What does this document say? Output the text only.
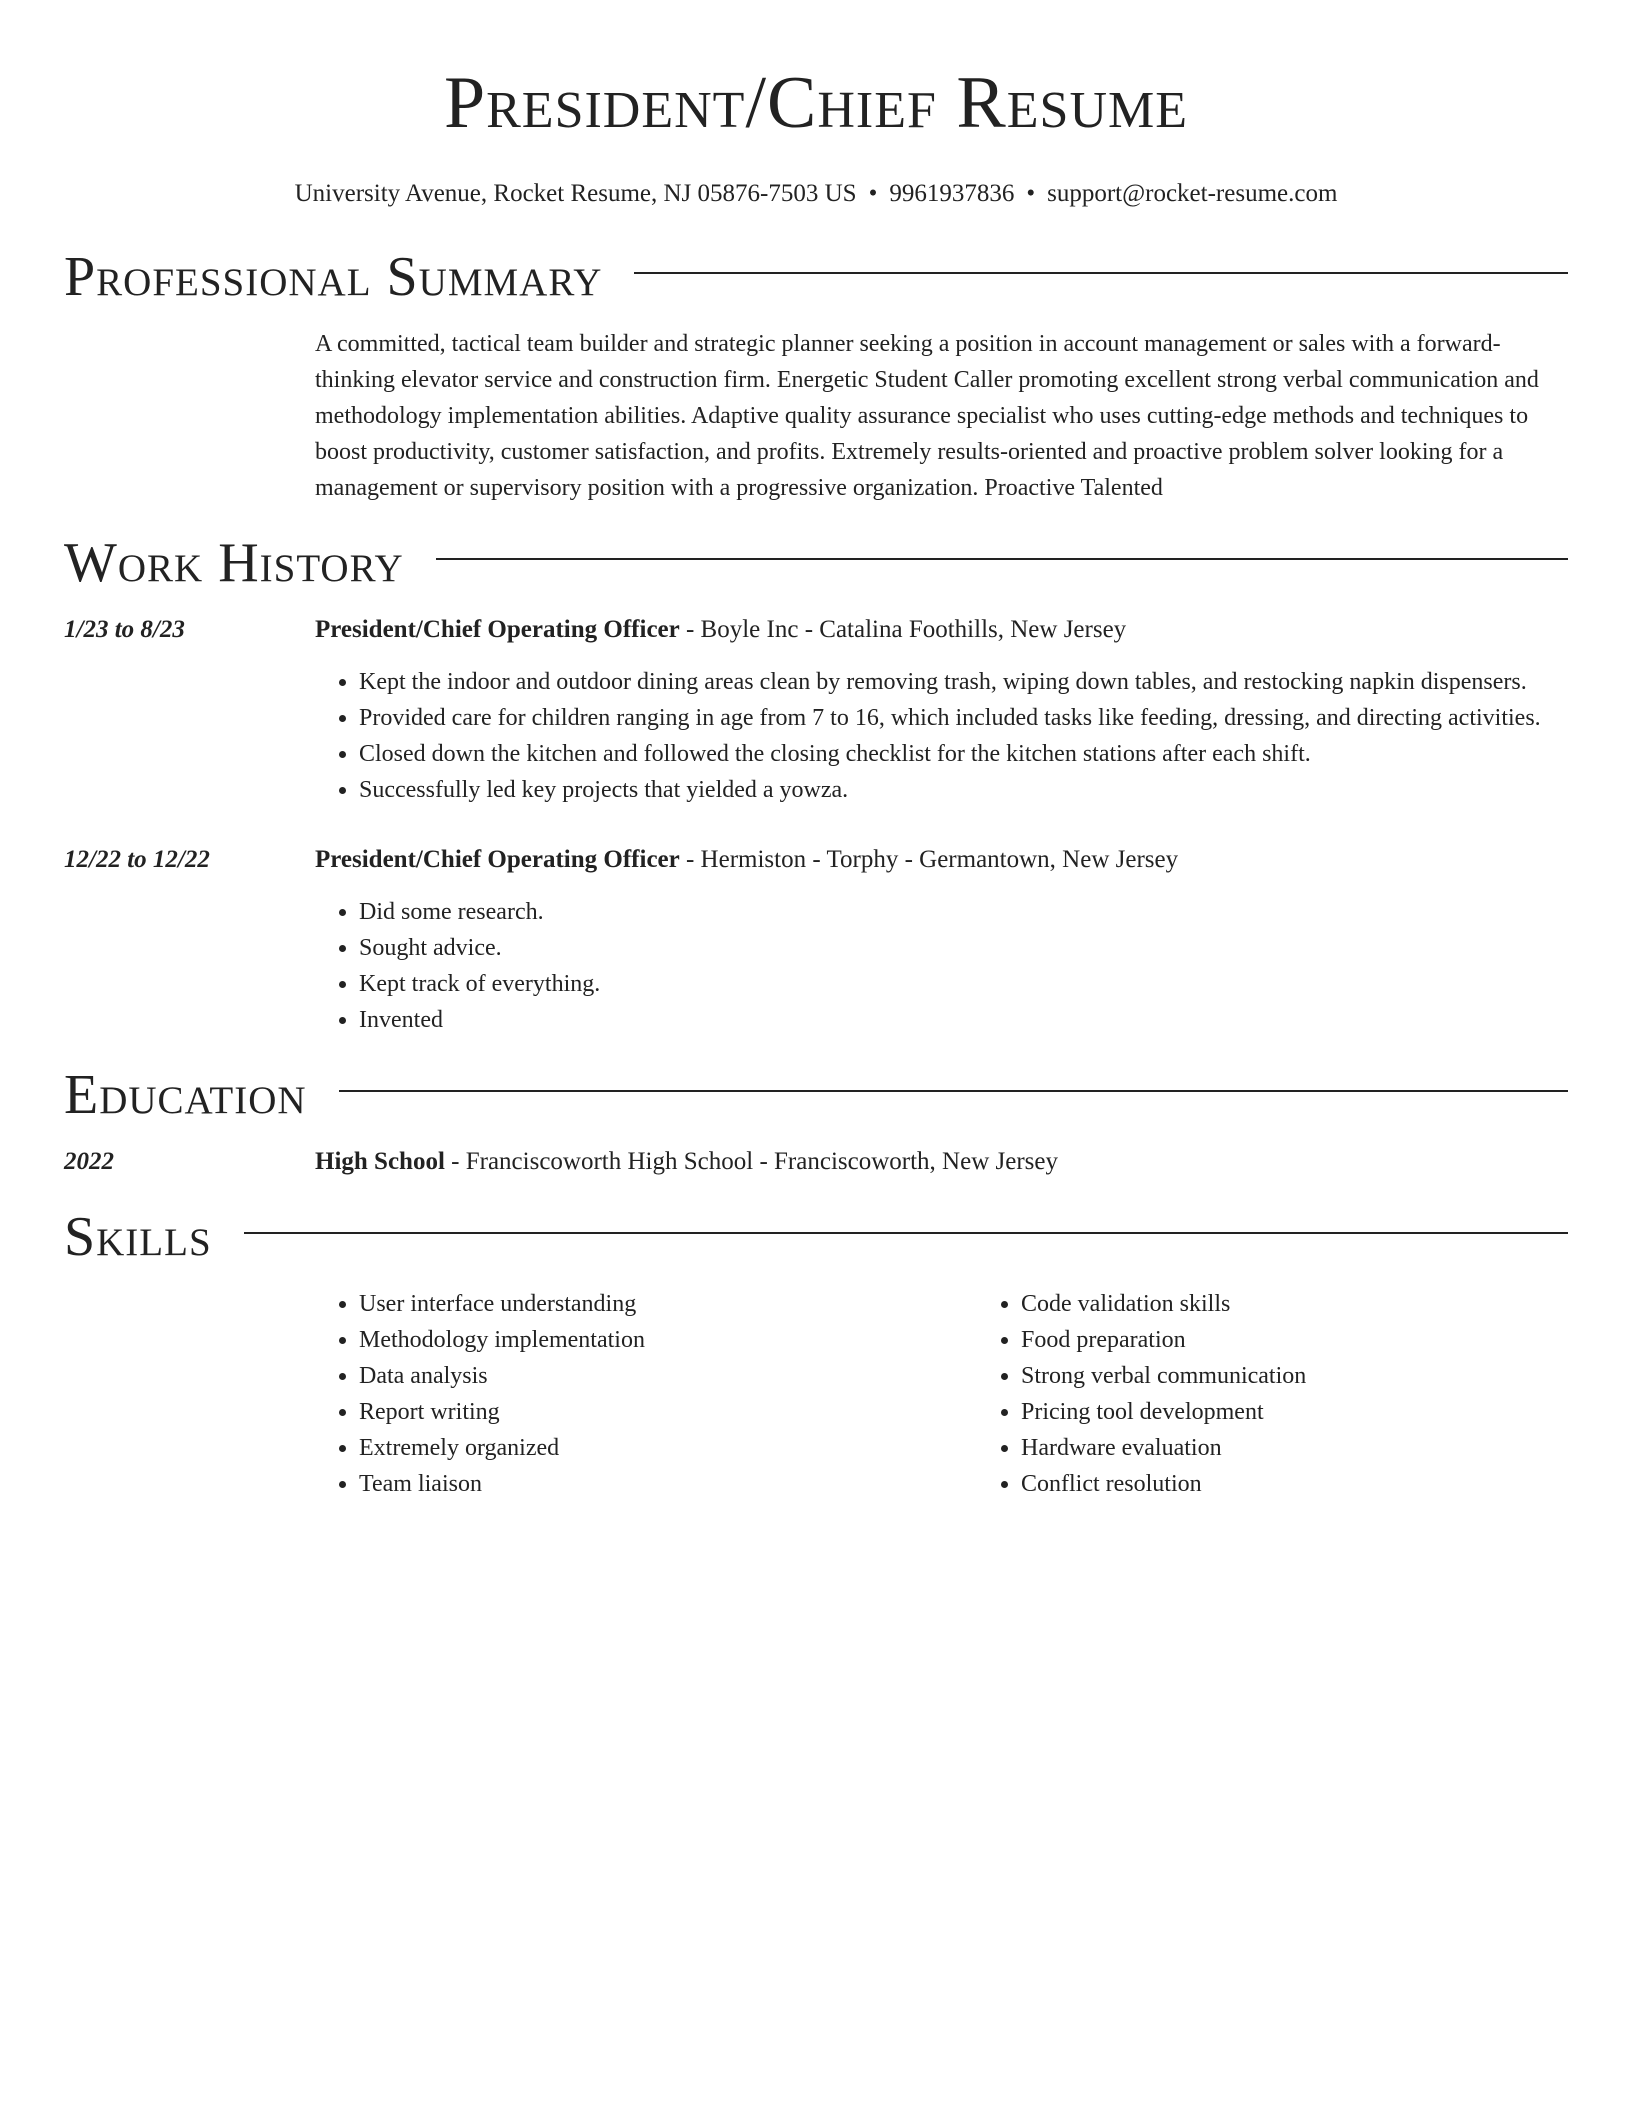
President/Chief Resume
University Avenue, Rocket Resume, NJ 05876-7503 US • 9961937836 • support@rocket-resume.com
Professional Summary
A committed, tactical team builder and strategic planner seeking a position in account management or sales with a forward-thinking elevator service and construction firm. Energetic Student Caller promoting excellent strong verbal communication and methodology implementation abilities. Adaptive quality assurance specialist who uses cutting-edge methods and techniques to boost productivity, customer satisfaction, and profits. Extremely results-oriented and proactive problem solver looking for a management or supervisory position with a progressive organization. Proactive Talented
Work History
1/23 to 8/23	President/Chief Operating Officer - Boyle Inc - Catalina Foothills, New Jersey
• Kept the indoor and outdoor dining areas clean by removing trash, wiping down tables, and restocking napkin dispensers.
• Provided care for children ranging in age from 7 to 16, which included tasks like feeding, dressing, and directing activities.
• Closed down the kitchen and followed the closing checklist for the kitchen stations after each shift.
• Successfully led key projects that yielded a yowza.
12/22 to 12/22	President/Chief Operating Officer - Hermiston - Torphy - Germantown, New Jersey
• Did some research.
• Sought advice.
• Kept track of everything.
• Invented
Education
2022	High School - Franciscoworth High School - Franciscoworth, New Jersey
Skills
• User interface understanding
• Methodology implementation
• Data analysis
• Report writing
• Extremely organized
• Team liaison
• Code validation skills
• Food preparation
• Strong verbal communication
• Pricing tool development
• Hardware evaluation
• Conflict resolution
